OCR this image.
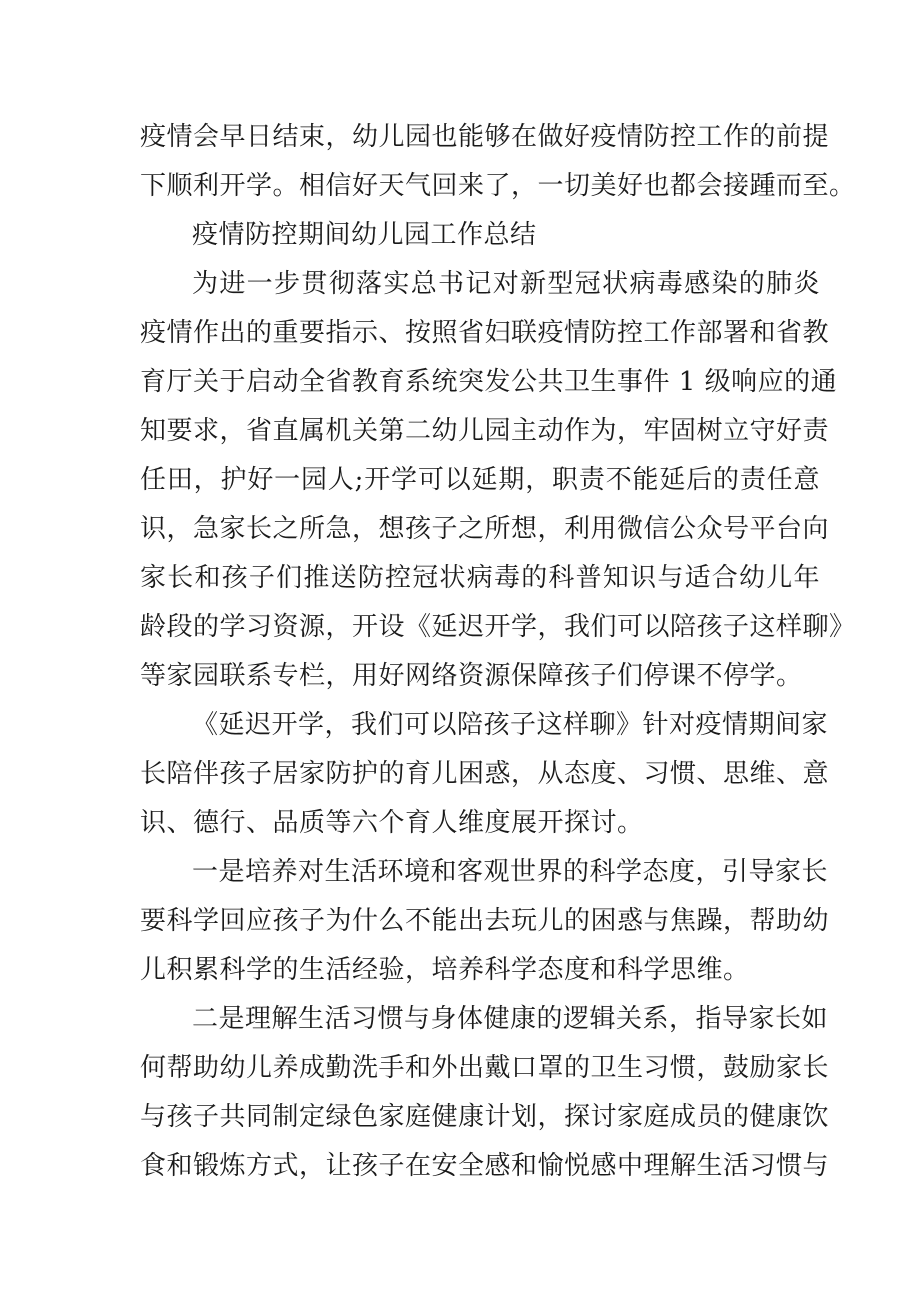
疫情会早日结束，幼儿园也能够在做好疫情防控工作的前提
下顺利开学。相信好天气回来了，一切美好也都会接踵而至。
疫情防控期间幼儿园工作总结
为进一步贯彻落实总书记对新型冠状病毒感染的肺炎
疫情作出的重要指示、按照省妇联疫情防控工作部署和省教
育厅关于启动全省教育系统突发公共卫生事件 1 级响应的通
知要求，省直属机关第二幼儿园主动作为，牢固树立守好责
任田，护好一园人;开学可以延期，职责不能延后的责任意
识，急家长之所急，想孩子之所想，利用微信公众号平台向
家长和孩子们推送防控冠状病毒的科普知识与适合幼儿年
龄段的学习资源，开设《延迟开学，我们可以陪孩子这样聊》
等家园联系专栏，用好网络资源保障孩子们停课不停学。
《延迟开学，我们可以陪孩子这样聊》针对疫情期间家
长陪伴孩子居家防护的育儿困惑，从态度、习惯、思维、意
识、德行、品质等六个育人维度展开探讨。
一是培养对生活环境和客观世界的科学态度，引导家长
要科学回应孩子为什么不能出去玩儿的困惑与焦躁，帮助幼
儿积累科学的生活经验，培养科学态度和科学思维。
二是理解生活习惯与身体健康的逻辑关系，指导家长如
何帮助幼儿养成勤洗手和外出戴口罩的卫生习惯，鼓励家长
与孩子共同制定绿色家庭健康计划，探讨家庭成员的健康饮
食和锻炼方式，让孩子在安全感和愉悦感中理解生活习惯与
